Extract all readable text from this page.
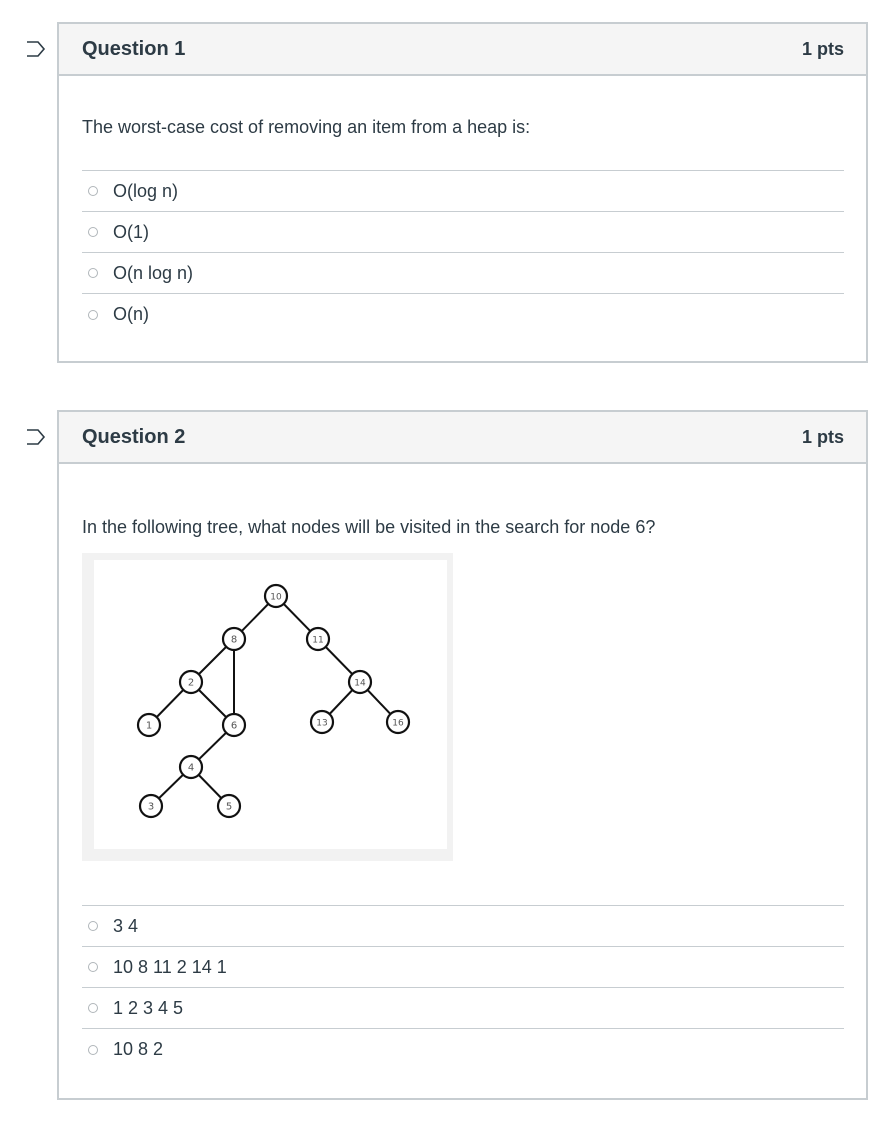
Question 1	1 pts
The worst-case cost of removing an item from a heap is:
O(log n)
O(1)
O(n log n)
O(n)
Question 2	1 pts
In the following tree, what nodes will be visited in the search for node 6?
10
8	11
2	14
1	6	13	16
4
3	5
3 4
10 8 11 2 14 1
1 2 3 4 5
10 8 2
